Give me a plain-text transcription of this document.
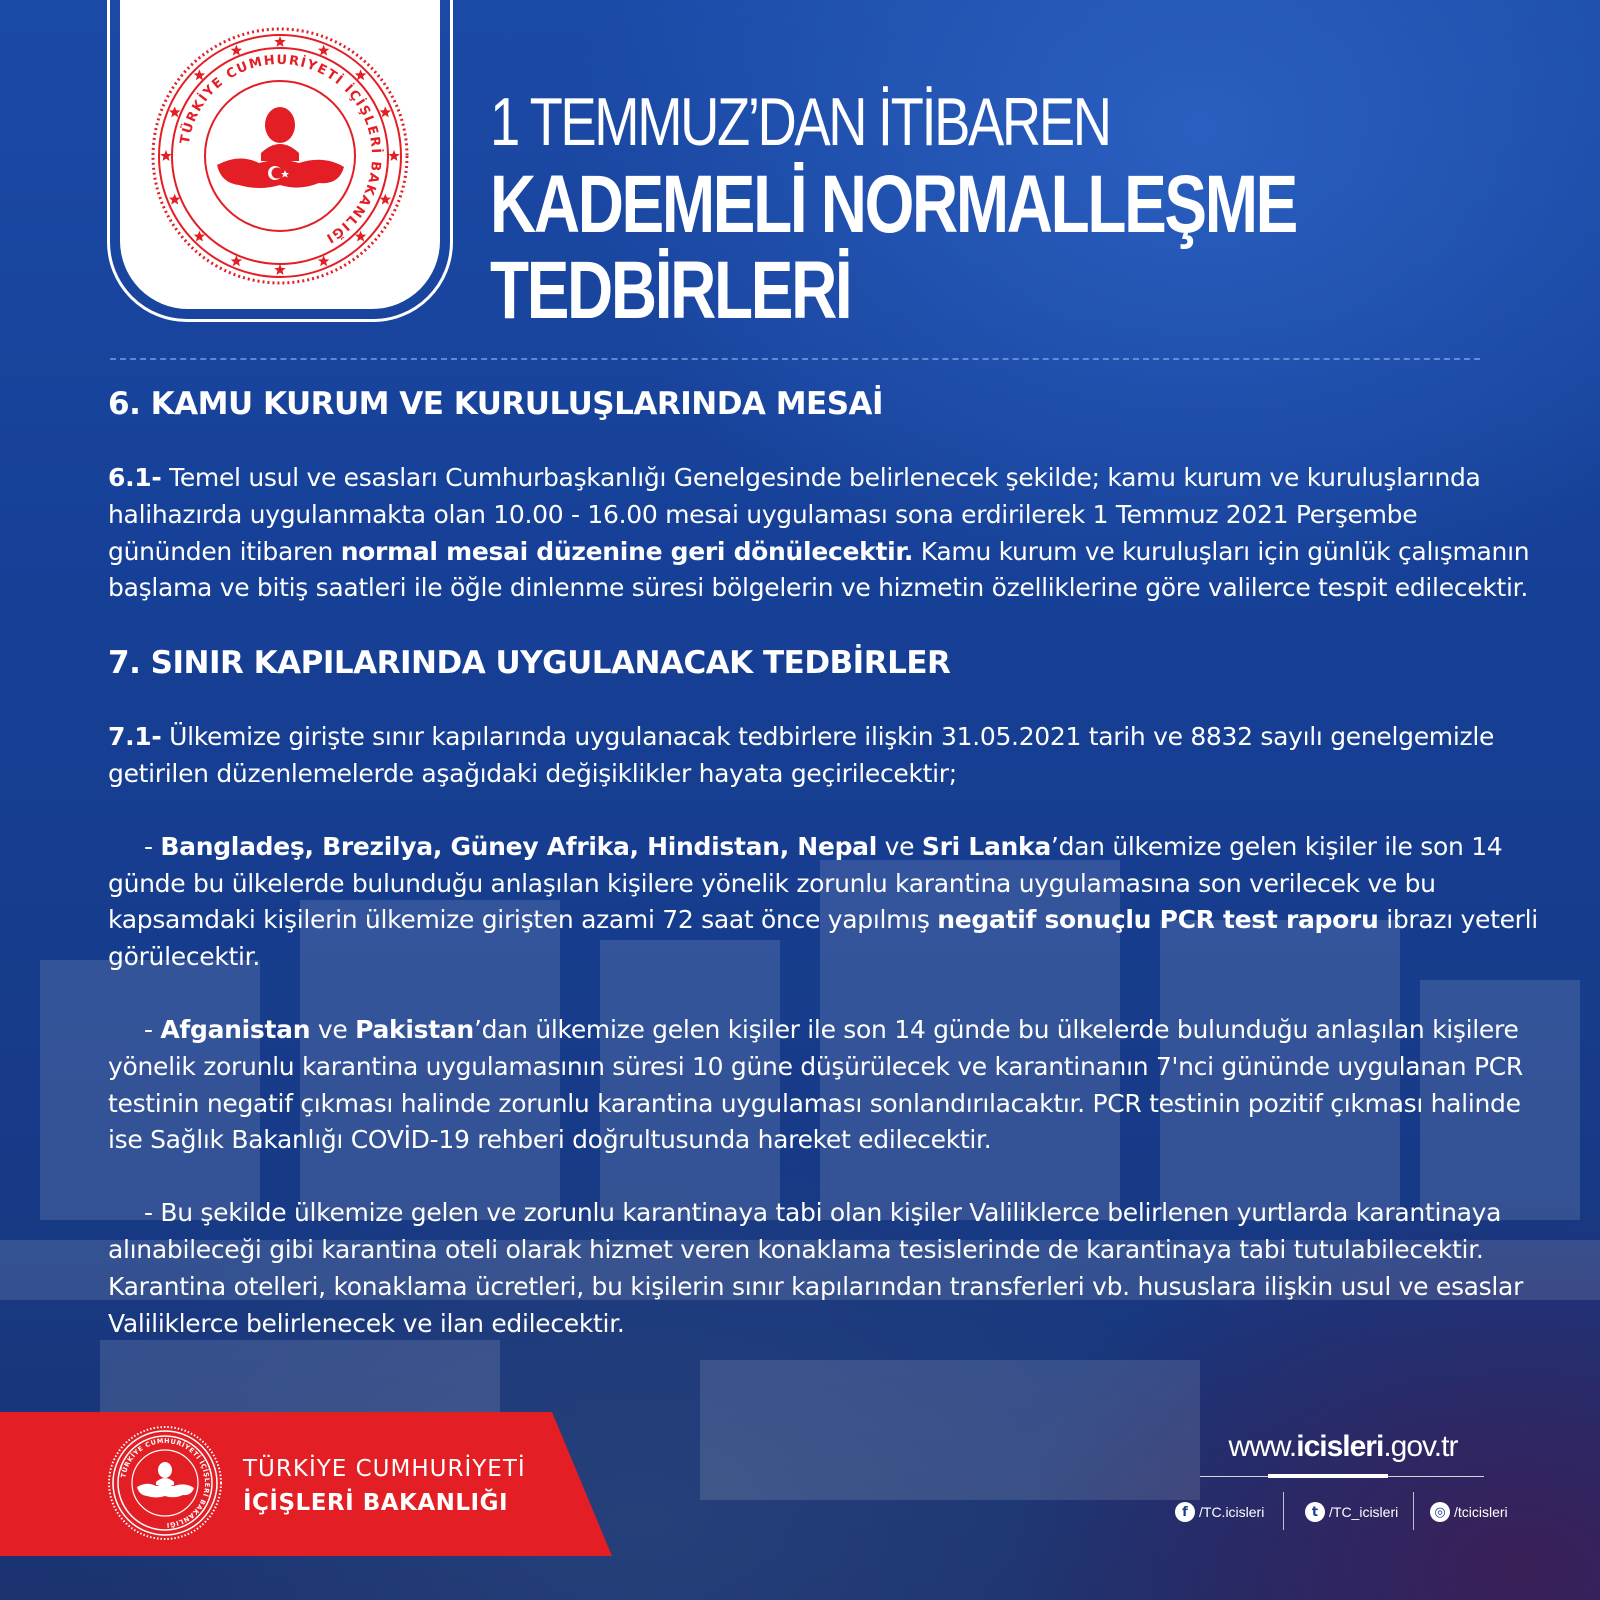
TÜRKİYE CUMHURİYETİ İÇİŞLERİ BAKANLIĞI
1 TEMMUZ’DAN İTİBAREN
KADEMELİ NORMALLEŞME
TEDBİRLERİ
6. KAMU KURUM VE KURULUŞLARINDA MESAİ

6.1- Temel usul ve esasları Cumhurbaşkanlığı Genelgesinde belirlenecek şekilde; kamu kurum ve kuruluşlarında halihazırda uygulanmakta olan 10.00 - 16.00 mesai uygulaması sona erdirilerek 1 Temmuz 2021 Perşembe gününden itibaren normal mesai düzenine geri dönülecektir. Kamu kurum ve kuruluşları için günlük çalışmanın başlama ve bitiş saatleri ile öğle dinlenme süresi bölgelerin ve hizmetin özelliklerine göre valilerce tespit edilecektir.

7. SINIR KAPILARINDA UYGULANACAK TEDBİRLER

7.1- Ülkemize girişte sınır kapılarında uygulanacak tedbirlere ilişkin 31.05.2021 tarih ve 8832 sayılı genelgemizle getirilen düzenlemelerde aşağıdaki değişiklikler hayata geçirilecektir;

- Bangladeş, Brezilya, Güney Afrika, Hindistan, Nepal ve Sri Lanka’dan ülkemize gelen kişiler ile son 14 günde bu ülkelerde bulunduğu anlaşılan kişilere yönelik zorunlu karantina uygulamasına son verilecek ve bu kapsamdaki kişilerin ülkemize girişten azami 72 saat önce yapılmış negatif sonuçlu PCR test raporu ibrazı yeterli görülecektir.

- Afganistan ve Pakistan’dan ülkemize gelen kişiler ile son 14 günde bu ülkelerde bulunduğu anlaşılan kişilere yönelik zorunlu karantina uygulamasının süresi 10 güne düşürülecek ve karantinanın 7'nci gününde uygulanan PCR testinin negatif çıkması halinde zorunlu karantina uygulaması sonlandırılacaktır. PCR testinin pozitif çıkması halinde ise Sağlık Bakanlığı COVİD-19 rehberi doğrultusunda hareket edilecektir.

- Bu şekilde ülkemize gelen ve zorunlu karantinaya tabi olan kişiler Valiliklerce belirlenen yurtlarda karantinaya alınabileceği gibi karantina oteli olarak hizmet veren konaklama tesislerinde de karantinaya tabi tutulabilecektir. Karantina otelleri, konaklama ücretleri, bu kişilerin sınır kapılarından transferleri vb. hususlara ilişkin usul ve esaslar Valiliklerce belirlenecek ve ilan edilecektir.

TÜRKİYE CUMHURİYETİ İÇİŞLERİ BAKANLIĞI
TÜRKİYE CUMHURİYETİ
İÇİŞLERİ BAKANLIĞI
www.icisleri.gov.tr
f /TC.icisleri	t /TC_icisleri	◎ /tcicisleri
